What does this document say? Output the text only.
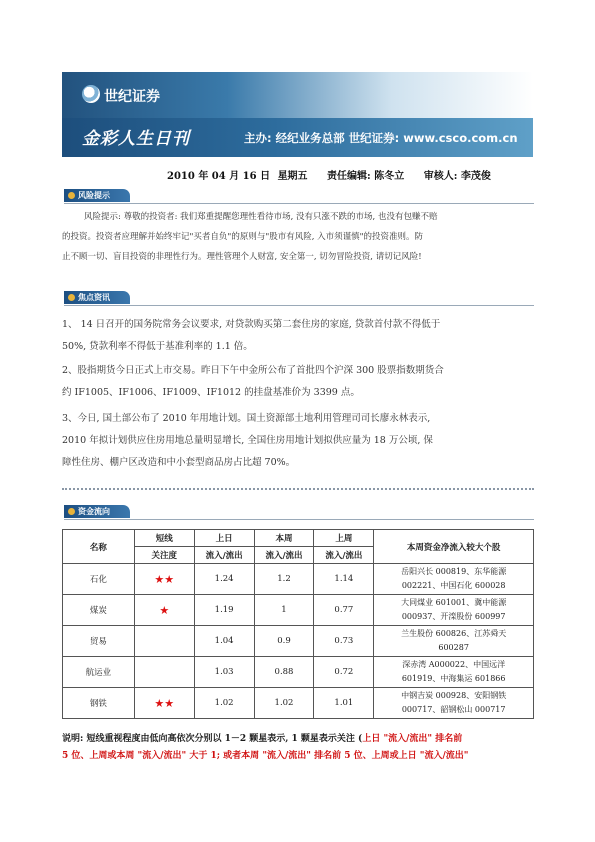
世纪证券
金彩人生日刊	主办: 经纪业务总部 世纪证券: www.csco.com.cn
2010 年 04 月 16 日 星期五 责任编辑: 陈冬立 审核人: 李茂俊
风险提示
风险提示: 尊敬的投资者: 我们郑重提醒您理性看待市场, 没有只涨不跌的市场, 也没有包赚不赔
的投资。投资者应理解并始终牢记"买者自负"的原则与"股市有风险, 入市须谨慎"的投资准则。防
止不顾一切、盲目投资的非理性行为。理性管理个人财富, 安全第一, 切勿冒险投资, 请切记风险!
焦点资讯
1、 14 日召开的国务院常务会议要求, 对贷款购买第二套住房的家庭, 贷款首付款不得低于
50%, 贷款利率不得低于基准利率的 1.1 倍。
2、股指期货今日正式上市交易。昨日下午中金所公布了首批四个沪深 300 股票指数期货合
约 IF1005、IF1006、IF1009、IF1012 的挂盘基准价为 3399 点。
3、今日, 国土部公布了 2010 年用地计划。国土资源部土地利用管理司司长廖永林表示,
2010 年拟计划供应住房用地总量明显增长, 全国住房用地计划拟供应量为 18 万公顷, 保
障性住房、棚户区改造和中小套型商品房占比超 70%。
资金流向
名称	短线	上日	本周	上周	本周资金净流入较大个股
	关注度	流入/流出	流入/流出	流入/流出	
石化	★★	1.24	1.2	1.14	岳阳兴长 000819、东华能源
002221、中国石化 600028

煤炭	★	1.19	1	0.77	大同煤业 601001、冀中能源
000937、开滦股份 600997

贸易		1.04	0.9	0.73	兰生股份 600826、江苏舜天
600287

航运业		1.03	0.88	0.72	深赤湾 A000022、中国远洋
601919、中海集运 601866

钢铁	★★	1.02	1.02	1.01	中钢吉炭 000928、安阳钢铁
000717、韶钢松山 000717
说明: 短线重视程度由低向高依次分别以 1－2 颗星表示, 1 颗星表示关注 (上日 "流入/流出" 排名前
5 位、上周或本周 "流入/流出" 大于 1; 或者本周 "流入/流出" 排名前 5 位、上周或上日 "流入/流出"
